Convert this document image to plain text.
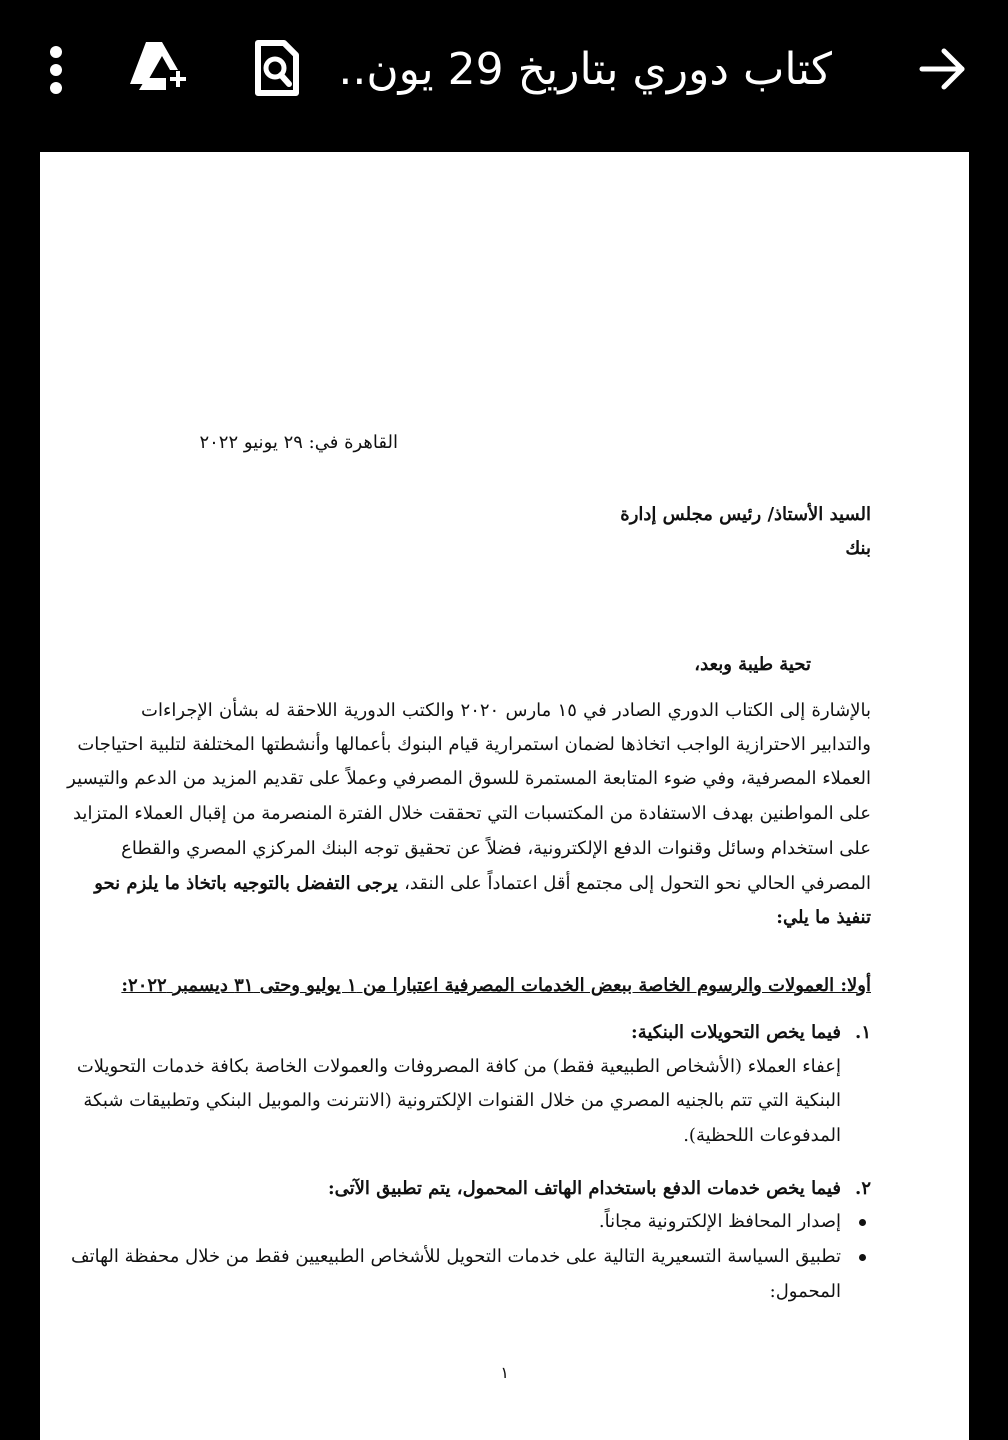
كتاب دوري بتاريخ 29 يون..
القاهرة في: ٢٩ يونيو ٢٠٢٢
السيد الأستاذ/ رئيس مجلس إدارة
بنك
تحية طيبة وبعد،
بالإشارة إلى الكتاب الدوري الصادر في ١٥ مارس ٢٠٢٠ والكتب الدورية اللاحقة له بشأن الإجراءات
والتدابير الاحترازية الواجب اتخاذها لضمان استمرارية قيام البنوك بأعمالها وأنشطتها المختلفة لتلبية احتياجات
العملاء المصرفية، وفي ضوء المتابعة المستمرة للسوق المصرفي وعملاً على تقديم المزيد من الدعم والتيسير
على المواطنين بهدف الاستفادة من المكتسبات التي تحققت خلال الفترة المنصرمة من إقبال العملاء المتزايد
على استخدام وسائل وقنوات الدفع الإلكترونية، فضلاً عن تحقيق توجه البنك المركزي المصري والقطاع
المصرفي الحالي نحو التحول إلى مجتمع أقل اعتماداً على النقد، يرجى التفضل بالتوجيه باتخاذ ما يلزم نحو
تنفيذ ما يلي:
أولا: العمولات والرسوم الخاصة ببعض الخدمات المصرفية اعتبارا من ١ يوليو وحتى ٣١ ديسمبر ٢٠٢٢:
١.
فيما يخص التحويلات البنكية:
إعفاء العملاء (الأشخاص الطبيعية فقط) من كافة المصروفات والعمولات الخاصة بكافة خدمات التحويلات
البنكية التي تتم بالجنيه المصري من خلال القنوات الإلكترونية (الانترنت والموبيل البنكي وتطبيقات شبكة
المدفوعات اللحظية).
٢.
فيما يخص خدمات الدفع باستخدام الهاتف المحمول، يتم تطبيق الآتى:
إصدار المحافظ الإلكترونية مجاناً.
تطبيق السياسة التسعيرية التالية على خدمات التحويل للأشخاص الطبيعيين فقط من خلال محفظة الهاتف
المحمول:
١
